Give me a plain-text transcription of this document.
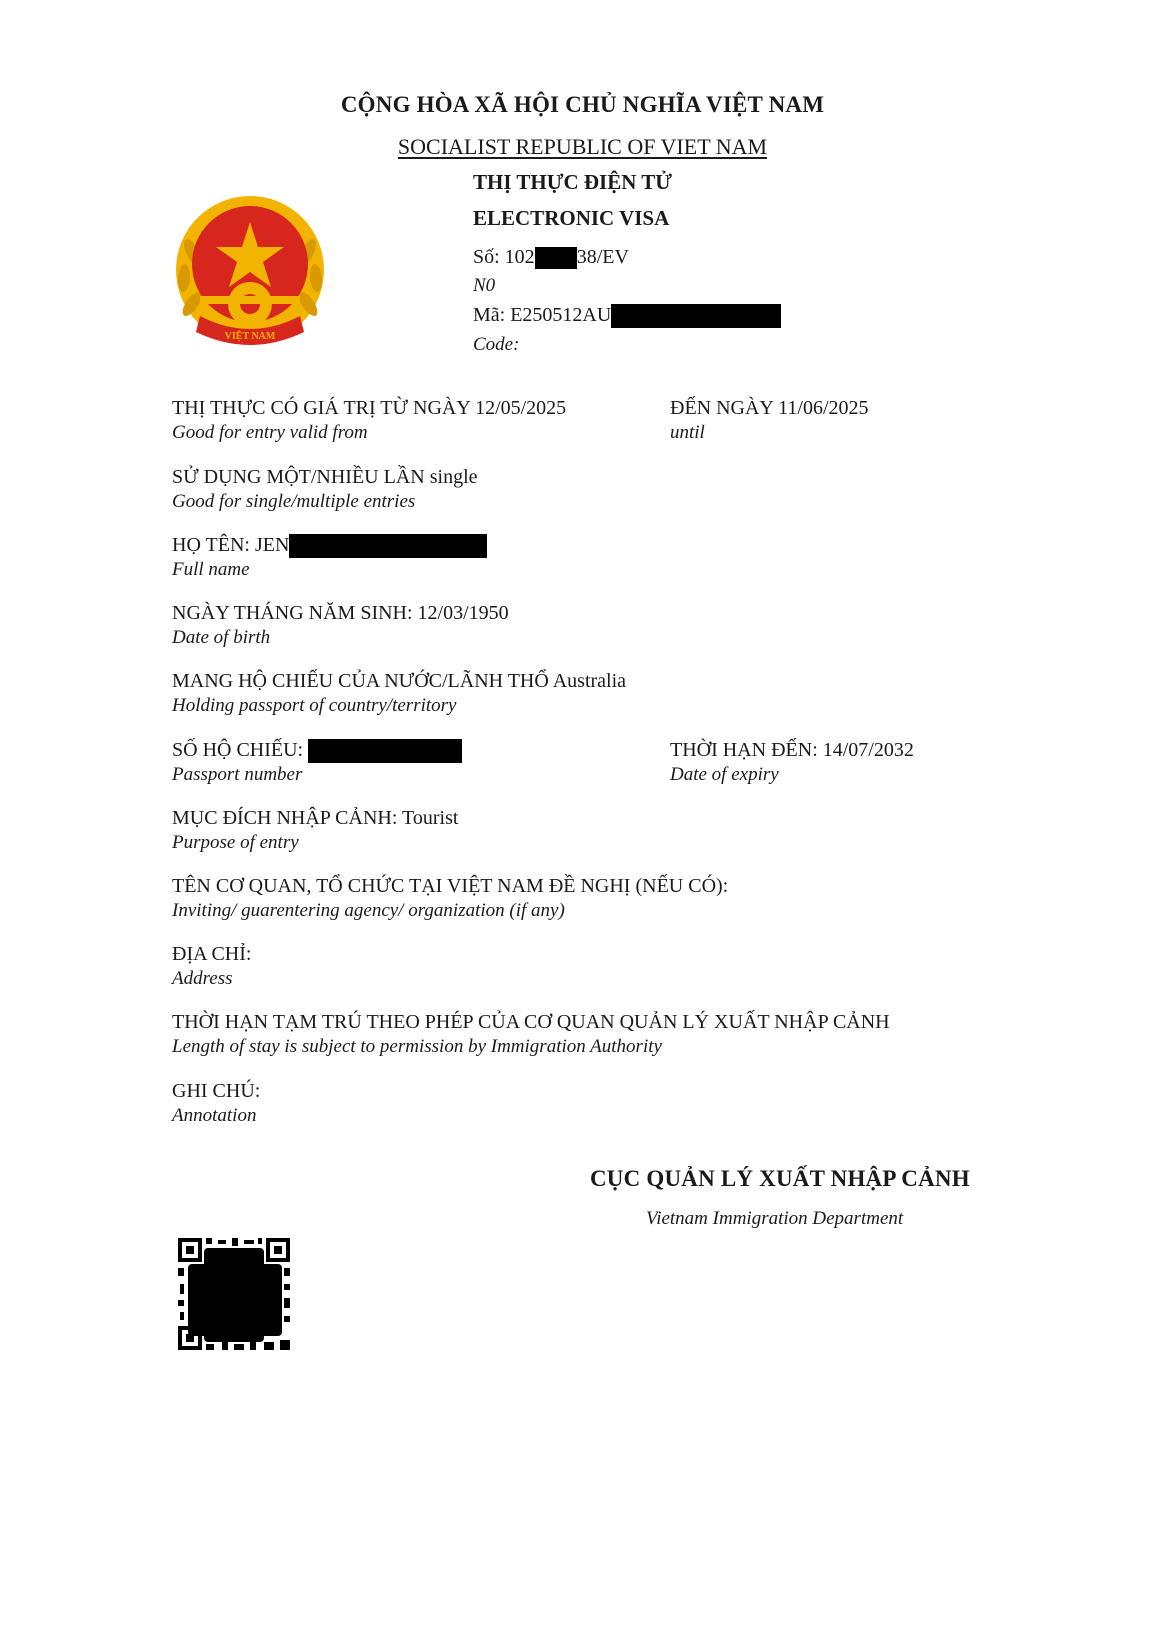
CỘNG HÒA XÃ HỘI CHỦ NGHĨA VIỆT NAM
SOCIALIST REPUBLIC OF VIET NAM
THỊ THỰC ĐIỆN TỬ
ELECTRONIC VISA
Số: 102 38/EV
N0
Mã: E250512AU
Code:
VIỆT NAM
CỘNG HÒA XÃ HỘI CHỦ NGHĨA
THỊ THỰC CÓ GIÁ TRỊ TỪ NGÀY 12/05/2025
Good for entry valid from
ĐẾN NGÀY 11/06/2025
until
SỬ DỤNG MỘT/NHIỀU LẦN single
Good for single/multiple entries
HỌ TÊN: JEN
Full name
NGÀY THÁNG NĂM SINH: 12/03/1950
Date of birth
MANG HỘ CHIẾU CỦA NƯỚC/LÃNH THỔ Australia
Holding passport of country/territory
SỐ HỘ CHIẾU:
Passport number
THỜI HẠN ĐẾN: 14/07/2032
Date of expiry
MỤC ĐÍCH NHẬP CẢNH: Tourist
Purpose of entry
TÊN CƠ QUAN, TỔ CHỨC TẠI VIỆT NAM ĐỀ NGHỊ (NẾU CÓ):
Inviting/ guarentering agency/ organization (if any)
ĐỊA CHỈ:
Address
THỜI HẠN TẠM TRÚ THEO PHÉP CỦA CƠ QUAN QUẢN LÝ XUẤT NHẬP CẢNH
Length of stay is subject to permission by Immigration Authority
GHI CHÚ:
Annotation
CỤC QUẢN LÝ XUẤT NHẬP CẢNH
Vietnam Immigration Department
